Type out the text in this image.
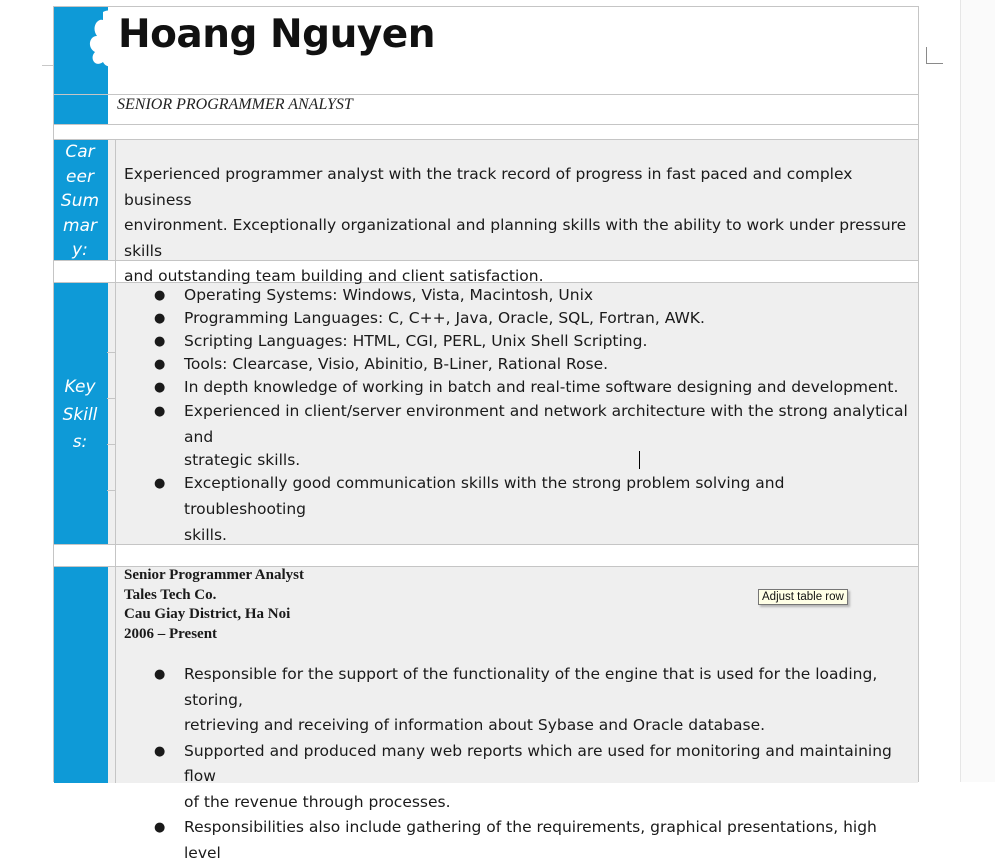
Hoang Nguyen
SENIOR PROGRAMMER ANALYST
Car
eer
Sum
mar
y:
Experienced programmer analyst with the track record of progress in fast paced and complex business
environment. Exceptionally organizational and planning skills with the ability to work under pressure skills
and outstanding team building and client satisfaction.
Key
Skill
s:
● Operating Systems: Windows, Vista, Macintosh, Unix
● Programming Languages: C, C++, Java, Oracle, SQL, Fortran, AWK.
● Scripting Languages: HTML, CGI, PERL, Unix Shell Scripting.
● Tools: Clearcase, Visio, Abinitio, B-Liner, Rational Rose.
● In depth knowledge of working in batch and real-time software designing and development.
● Experienced in client/server environment and network architecture with the strong analytical and
strategic skills.
● Exceptionally good communication skills with the strong problem solving and troubleshooting
skills.
Senior Programmer Analyst
Tales Tech Co.
Cau Giay District, Ha Noi
2006 – Present
● Responsible for the support of the functionality of the engine that is used for the loading, storing,
retrieving and receiving of information about Sybase and Oracle database.
● Supported and produced many web reports which are used for monitoring and maintaining flow
of the revenue through processes.
● Responsibilities also include gathering of the requirements, graphical presentations, high level
Adjust table row
